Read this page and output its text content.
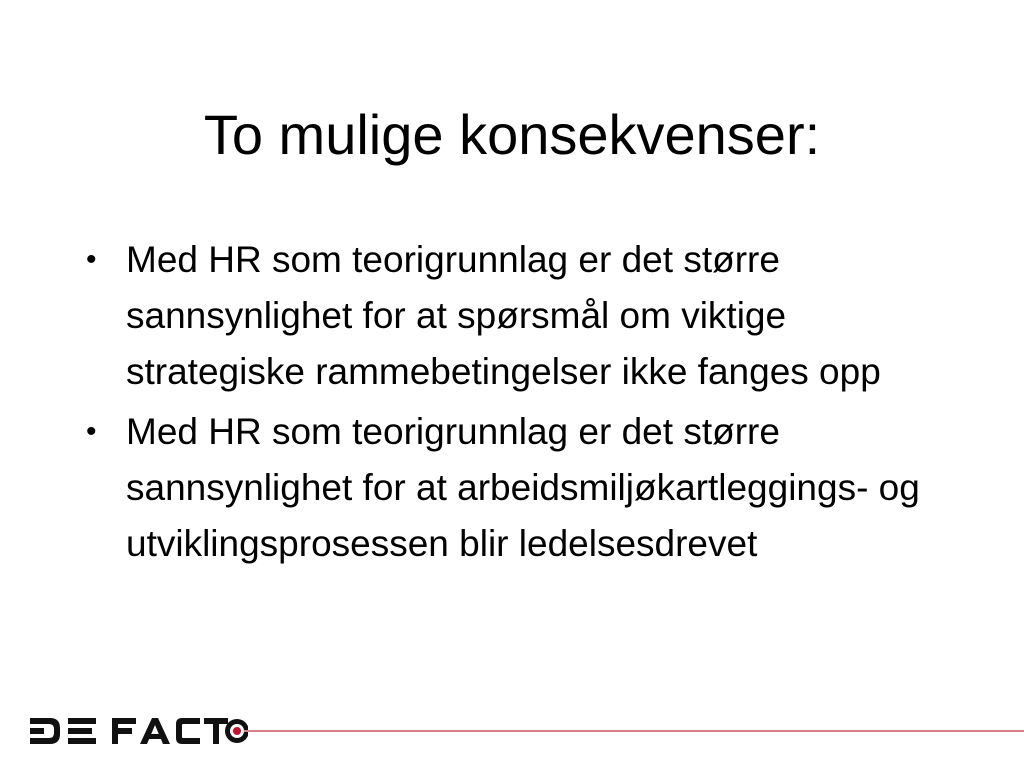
To mulige konsekvenser:
• Med HR som teorigrunnlag er det større sannsynlighet for at spørsmål om viktige strategiske rammebetingelser ikke fanges opp
• Med HR som teorigrunnlag er det større sannsynlighet for at arbeidsmiljøkartleggings- og utviklingsprosessen blir ledelsesdrevet
